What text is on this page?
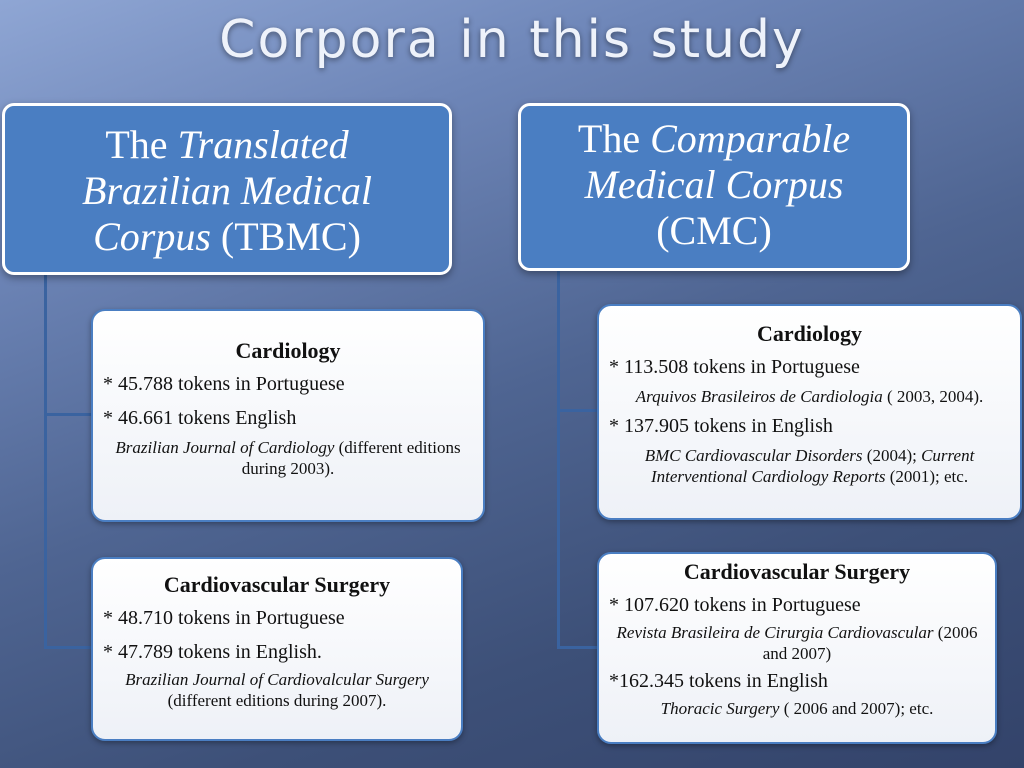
Corpora in this study
The Translated
Brazilian Medical
Corpus (TBMC)
The Comparable
Medical Corpus
(CMC)
Cardiology
* 45.788 tokens in Portuguese
* 46.661 tokens English
Brazilian Journal of Cardiology (different editions during 2003).
Cardiovascular Surgery
* 48.710 tokens in Portuguese
* 47.789 tokens in English.
Brazilian Journal of Cardiovalcular Surgery (different editions during 2007).
Cardiology
* 113.508 tokens in Portuguese
Arquivos Brasileiros de Cardiologia ( 2003, 2004).
* 137.905 tokens in English
BMC Cardiovascular Disorders (2004); Current Interventional Cardiology Reports (2001); etc.
Cardiovascular Surgery
* 107.620 tokens in Portuguese
Revista Brasileira de Cirurgia Cardiovascular (2006 and 2007)
*162.345 tokens in English
Thoracic Surgery ( 2006 and 2007); etc.
